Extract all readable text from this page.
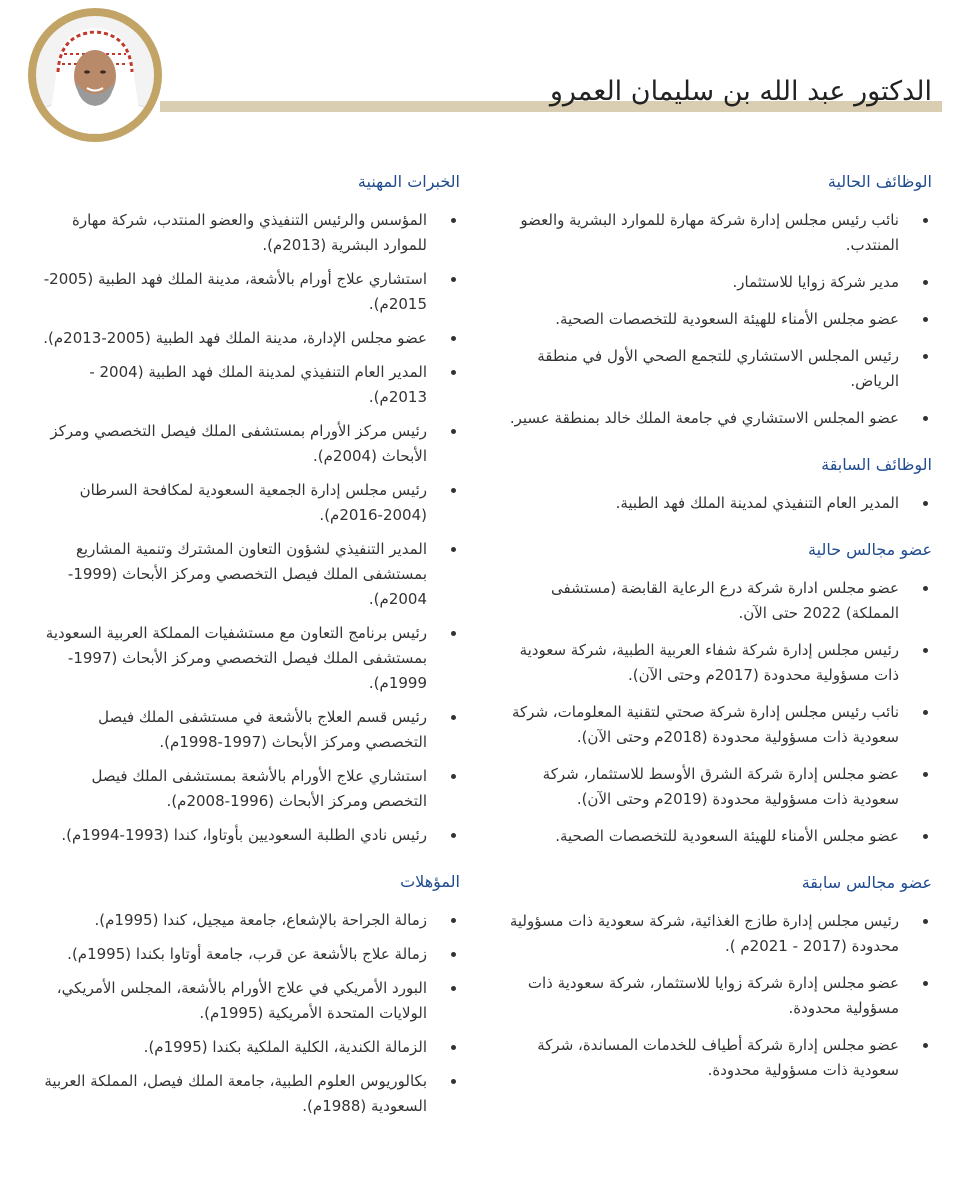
الدكتور عبد الله بن سليمان العمرو
الوظائف الحالية
نائب رئيس مجلس إدارة شركة مهارة للموارد البشرية والعضو المنتدب.
مدير شركة زوايا للاستثمار.
عضو مجلس الأمناء للهيئة السعودية للتخصصات الصحية.
رئيس المجلس الاستشاري للتجمع الصحي الأول في منطقة الرياض.
عضو المجلس الاستشاري في جامعة الملك خالد بمنطقة عسير.
الوظائف السابقة
المدير العام التنفيذي لمدينة الملك فهد الطبية.
عضو مجالس حالية
عضو مجلس ادارة شركة درع الرعاية القابضة (مستشفى المملكة) 2022 حتى الآن.
رئيس مجلس إدارة شركة شفاء العربية الطبية، شركة سعودية ذات مسؤولية محدودة (2017م وحتى الآن).
نائب رئيس مجلس إدارة شركة صحتي لتقنية المعلومات، شركة سعودية ذات مسؤولية محدودة (2018م وحتى الآن).
عضو مجلس إدارة شركة الشرق الأوسط للاستثمار، شركة سعودية ذات مسؤولية محدودة (2019م وحتى الآن).
عضو مجلس الأمناء للهيئة السعودية للتخصصات الصحية.
عضو مجالس سابقة
رئيس مجلس إدارة طازج الغذائية، شركة سعودية ذات مسؤولية محدودة (2017 - 2021م ).
عضو مجلس إدارة شركة زوايا للاستثمار، شركة سعودية ذات مسؤولية محدودة.
عضو مجلس إدارة شركة أطياف للخدمات المساندة، شركة سعودية ذات مسؤولية محدودة.
الخبرات المهنية
المؤسس والرئيس التنفيذي والعضو المنتدب، شركة مهارة للموارد البشرية (2013م).
استشاري علاج أورام بالأشعة، مدينة الملك فهد الطبية (2005-2015م).
عضو مجلس الإدارة، مدينة الملك فهد الطبية (2005-2013م).
المدير العام التنفيذي لمدينة الملك فهد الطبية (2004 - 2013م).
رئيس مركز الأورام بمستشفى الملك فيصل التخصصي ومركز الأبحاث (2004م).
رئيس مجلس إدارة الجمعية السعودية لمكافحة السرطان (2004-2016م).
المدير التنفيذي لشؤون التعاون المشترك وتنمية المشاريع بمستشفى الملك فيصل التخصصي ومركز الأبحاث (1999-2004م).
رئيس برنامج التعاون مع مستشفيات المملكة العربية السعودية بمستشفى الملك فيصل التخصصي ومركز الأبحاث (1997-1999م).
رئيس قسم العلاج بالأشعة في مستشفى الملك فيصل التخصصي ومركز الأبحاث (1997-1998م).
استشاري علاج الأورام بالأشعة بمستشفى الملك فيصل التخصص ومركز الأبحاث (1996-2008م).
رئيس نادي الطلبة السعوديين بأوتاوا، كندا (1993-1994م).
المؤهلات
زمالة الجراحة بالإشعاع، جامعة ميجيل، كندا (1995م).
زمالة علاج بالأشعة عن قرب، جامعة أوتاوا بكندا (1995م).
البورد الأمريكي في علاج الأورام بالأشعة، المجلس الأمريكي، الولايات المتحدة الأمريكية (1995م).
الزمالة الكندية، الكلية الملكية بكندا (1995م).
بكالوريوس العلوم الطبية، جامعة الملك فيصل، المملكة العربية السعودية (1988م).
